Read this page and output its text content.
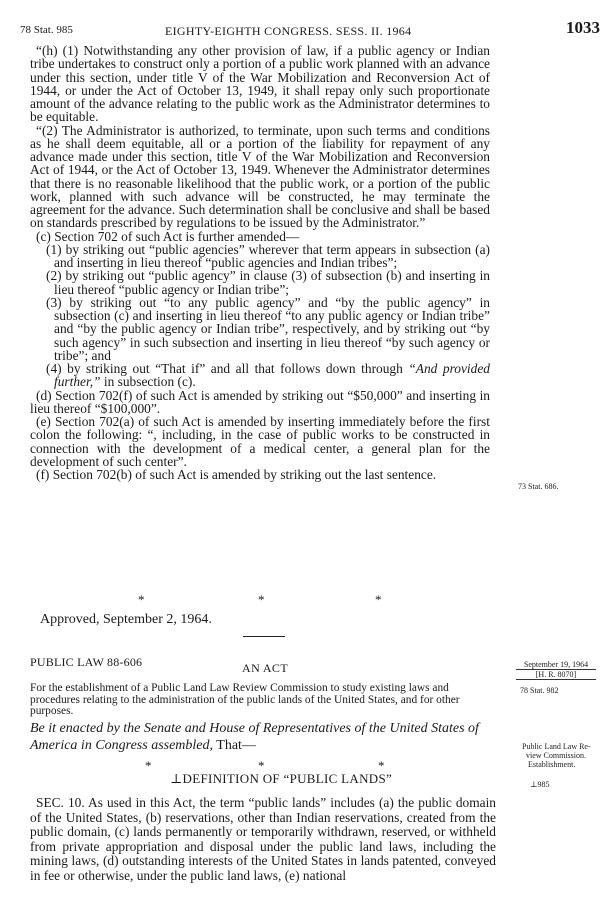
78 Stat. 985	EIGHTY-EIGHTH CONGRESS. SESS. II. 1964	1033

“(h) (1) Notwithstanding any other provision of law, if a public agency or Indian tribe undertakes to construct only a portion of a public work planned with an advance under this section, under title V of the War Mobilization and Reconversion Act of 1944, or under the Act of October 13, 1949, it shall repay only such proportionate amount of the advance relating to the public work as the Administrator determines to be equitable.

“(2) The Administrator is authorized, to terminate, upon such terms and conditions as he shall deem equitable, all or a portion of the liability for repayment of any advance made under this section, title V of the War Mobilization and Reconversion Act of 1944, or the Act of October 13, 1949. Whenever the Administrator determines that there is no reasonable likelihood that the public work, or a portion of the public work, planned with such advance will be constructed, he may terminate the agreement for the advance. Such determination shall be conclusive and shall be based on standards prescribed by regulations to be issued by the Administrator.”

(c) Section 702 of such Act is further amended—

(1) by striking out “public agencies” wherever that term appears in subsection (a) and inserting in lieu thereof “public agencies and Indian tribes”;

(2) by striking out “public agency” in clause (3) of subsection (b) and inserting in lieu thereof “public agency or Indian tribe”;

(3) by striking out “to any public agency” and “by the public agency” in subsection (c) and inserting in lieu thereof “to any public agency or Indian tribe” and “by the public agency or Indian tribe”, respectively, and by striking out “by such agency” in such subsection and inserting in lieu thereof “by such agency or tribe”; and

(4) by striking out “That if” and all that follows down through “And provided further,” in subsection (c).

(d) Section 702(f) of such Act is amended by striking out “$50,000” and inserting in lieu thereof “$100,000”.

(e) Section 702(a) of such Act is amended by inserting immediately before the first colon the following: “, including, in the case of public works to be constructed in connection with the development of a medical center, a general plan for the development of such center”.

(f) Section 702(b) of such Act is amended by striking out the last sentence.

*	*	*
Approved, September 2, 1964.
PUBLIC LAW 88-606	AN ACT
For the establishment of a Public Land Law Review Commission to study existing laws and procedures relating to the administration of the public lands of the United States, and for other purposes.
Be it enacted by the Senate and House of Representatives of the United States of America in Congress assembled, That—
*	*	*
⊥DEFINITION OF “PUBLIC LANDS”

SEC. 10. As used in this Act, the term “public lands” includes (a) the public domain of the United States, (b) reservations, other than Indian reservations, created from the public domain, (c) lands permanently or temporarily withdrawn, reserved, or withheld from private appropriation and disposal under the public land laws, including the mining laws, (d) outstanding interests of the United States in lands patented, conveyed in fee or otherwise, under the public land laws, (e) national

73 Stat. 686.
September 19, 1964
[H. R. 8070]
78 Stat. 982
Public Land Law Re-
view Commission.
Establishment.
⊥985
